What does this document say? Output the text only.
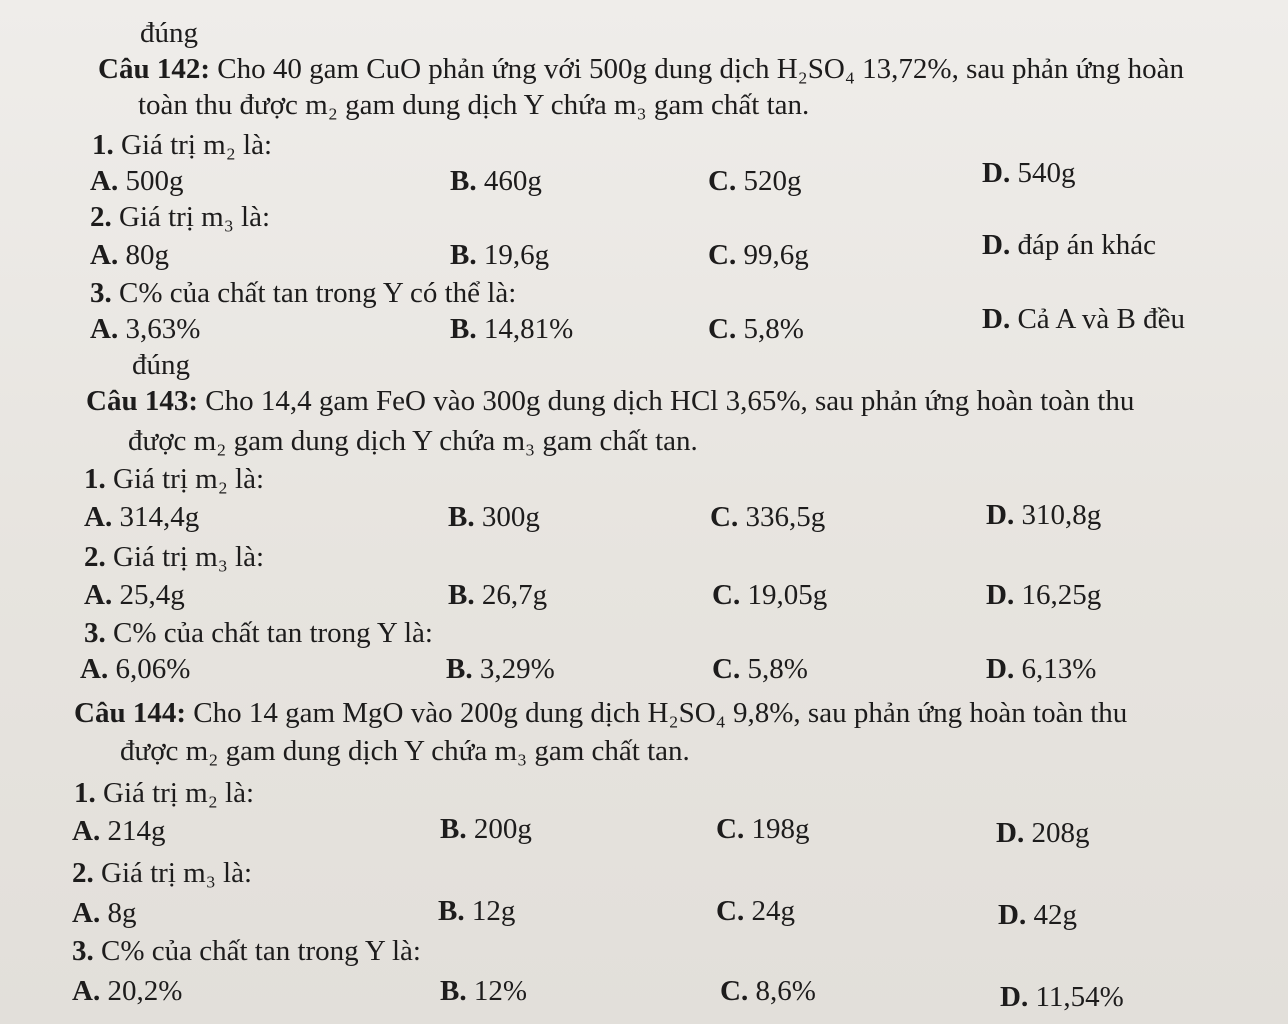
đúng
Câu 142: Cho 40 gam CuO phản ứng với 500g dung dịch H₂SO₄ 13,72%, sau phản ứng hoàn
toàn thu được m₂ gam dung dịch Y chứa m₃ gam chất tan.
1. Giá trị m₂ là:
A. 500g	B. 460g	C. 520g	D. 540g
2. Giá trị m₃ là:
A. 80g	B. 19,6g	C. 99,6g	D. đáp án khác
3. C% của chất tan trong Y có thể là:
A. 3,63%	B. 14,81%	C. 5,8%	D. Cả A và B đều
đúng
Câu 143: Cho 14,4 gam FeO vào 300g dung dịch HCl 3,65%, sau phản ứng hoàn toàn thu
được m₂ gam dung dịch Y chứa m₃ gam chất tan.
1. Giá trị m₂ là:
A. 314,4g	B. 300g	C. 336,5g	D. 310,8g
2. Giá trị m₃ là:
A. 25,4g	B. 26,7g	C. 19,05g	D. 16,25g
3. C% của chất tan trong Y là:
A. 6,06%	B. 3,29%	C. 5,8%	D. 6,13%
Câu 144: Cho 14 gam MgO vào 200g dung dịch H₂SO₄ 9,8%, sau phản ứng hoàn toàn thu
được m₂ gam dung dịch Y chứa m₃ gam chất tan.
1. Giá trị m₂ là:
A. 214g	B. 200g	C. 198g	D. 208g
2. Giá trị m₃ là:
A. 8g	B. 12g	C. 24g	D. 42g
3. C% của chất tan trong Y là:
A. 20,2%	B. 12%	C. 8,6%	D. 11,54%
